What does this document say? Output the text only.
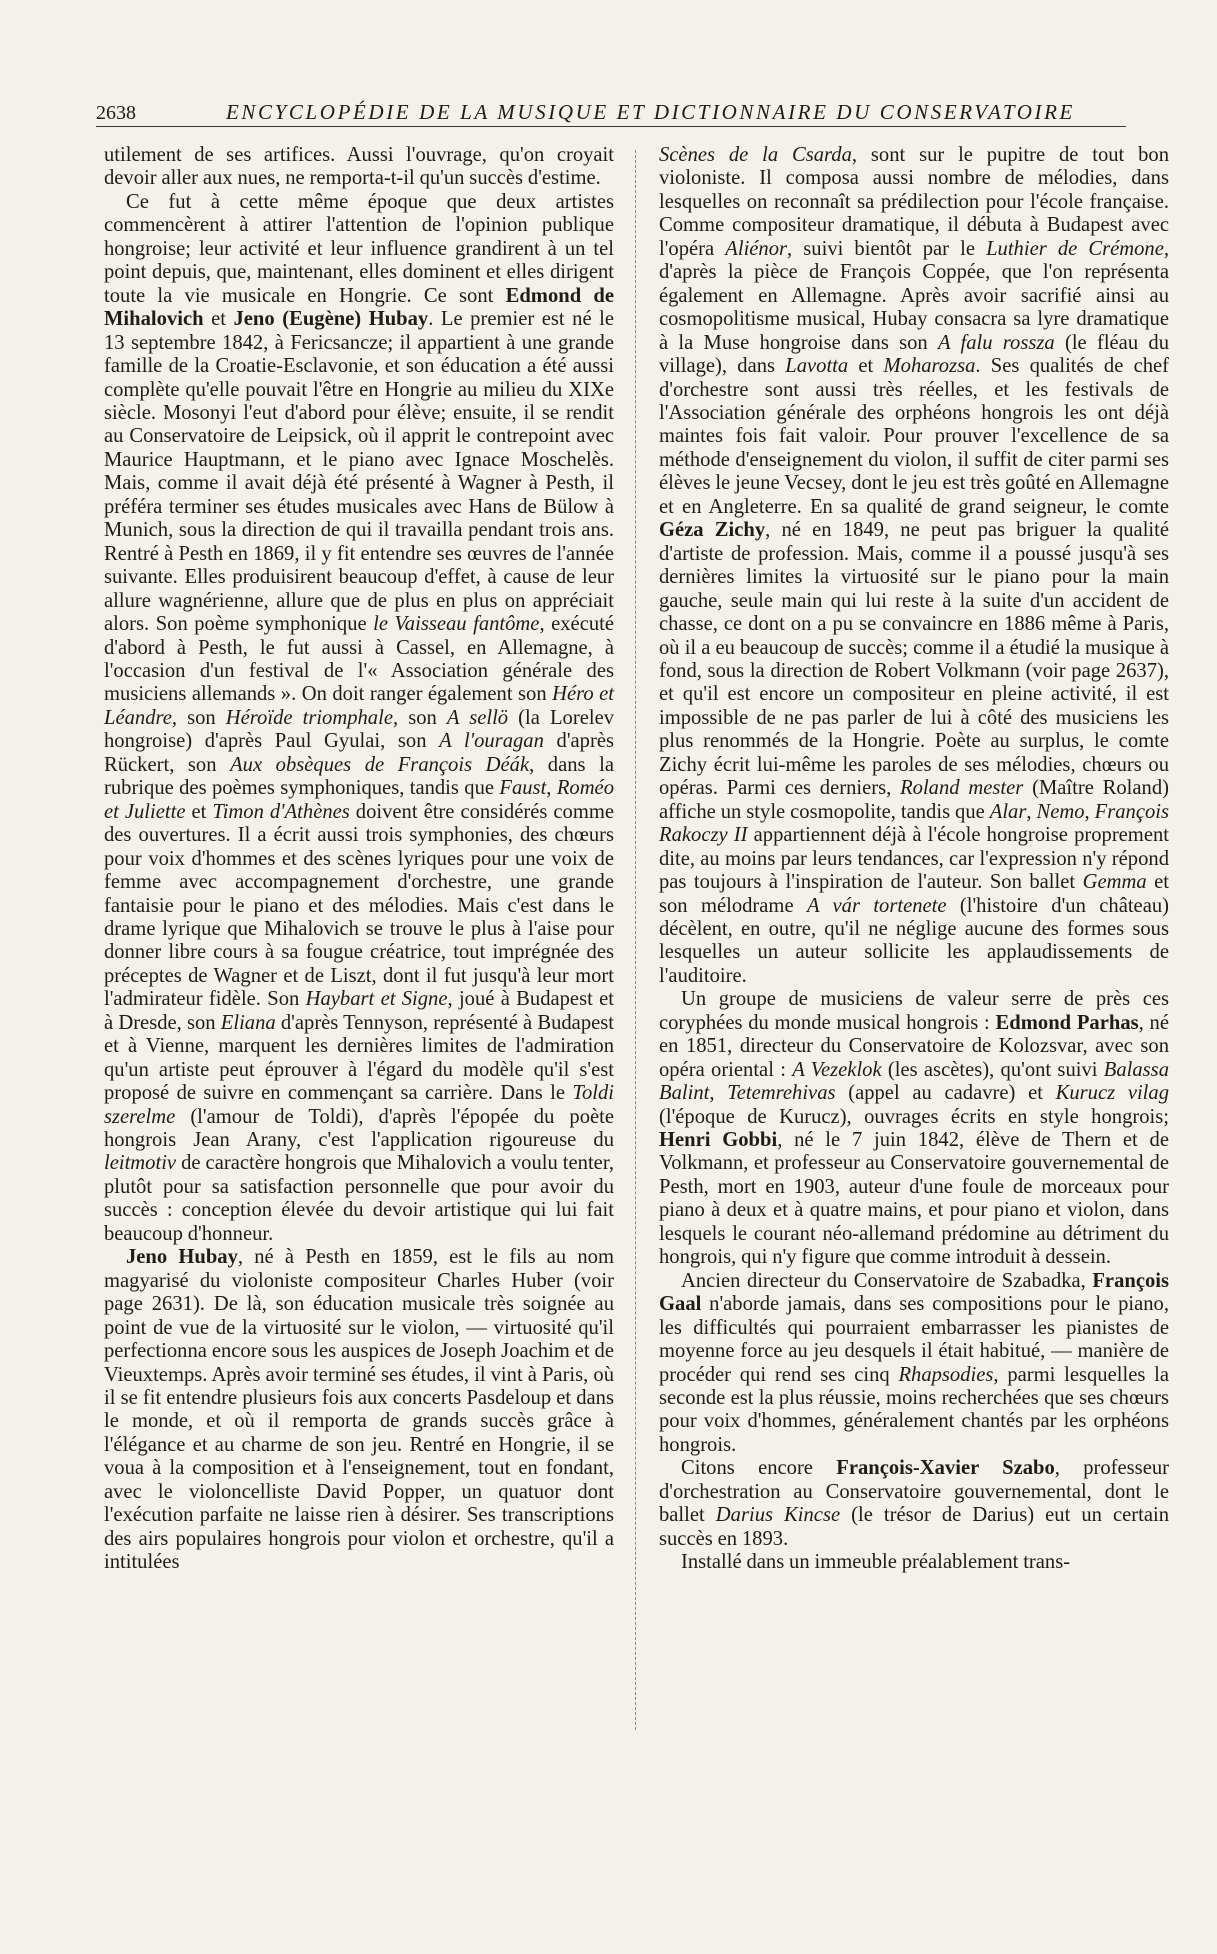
2638	ENCYCLOPÉDIE DE LA MUSIQUE ET DICTIONNAIRE DU CONSERVATOIRE

utilement de ses artifices. Aussi l'ouvrage, qu'on croyait devoir aller aux nues, ne remporta-t-il qu'un succès d'estime.

Ce fut à cette même époque que deux artistes commencèrent à attirer l'attention de l'opinion publique hongroise; leur activité et leur influence grandirent à un tel point depuis, que, maintenant, elles dominent et elles dirigent toute la vie musicale en Hongrie. Ce sont Edmond de Mihalovich et Jeno (Eugène) Hubay. Le premier est né le 13 septembre 1842, à Fericsancze; il appartient à une grande famille de la Croatie-Esclavonie, et son éducation a été aussi complète qu'elle pouvait l'être en Hongrie au milieu du XIXe siècle. Mosonyi l'eut d'abord pour élève; ensuite, il se rendit au Conservatoire de Leipsick, où il apprit le contrepoint avec Maurice Hauptmann, et le piano avec Ignace Moschelès. Mais, comme il avait déjà été présenté à Wagner à Pesth, il préféra terminer ses études musicales avec Hans de Bülow à Munich, sous la direction de qui il travailla pendant trois ans. Rentré à Pesth en 1869, il y fit entendre ses œuvres de l'année suivante. Elles produisirent beaucoup d'effet, à cause de leur allure wagnérienne, allure que de plus en plus on appréciait alors. Son poème symphonique le Vaisseau fantôme, exécuté d'abord à Pesth, le fut aussi à Cassel, en Allemagne, à l'occasion d'un festival de l'« Association générale des musiciens allemands ». On doit ranger également son Héro et Léandre, son Héroïde triomphale, son A sellö (la Lorelev hongroise) d'après Paul Gyulai, son A l'ouragan d'après Rückert, son Aux obsèques de François Déák, dans la rubrique des poèmes symphoniques, tandis que Faust, Roméo et Juliette et Timon d'Athènes doivent être considérés comme des ouvertures. Il a écrit aussi trois symphonies, des chœurs pour voix d'hommes et des scènes lyriques pour une voix de femme avec accompagnement d'orchestre, une grande fantaisie pour le piano et des mélodies. Mais c'est dans le drame lyrique que Mihalovich se trouve le plus à l'aise pour donner libre cours à sa fougue créatrice, tout imprégnée des préceptes de Wagner et de Liszt, dont il fut jusqu'à leur mort l'admirateur fidèle. Son Haybart et Signe, joué à Budapest et à Dresde, son Eliana d'après Tennyson, représenté à Budapest et à Vienne, marquent les dernières limites de l'admiration qu'un artiste peut éprouver à l'égard du modèle qu'il s'est proposé de suivre en commençant sa carrière. Dans le Toldi szerelme (l'amour de Toldi), d'après l'épopée du poète hongrois Jean Arany, c'est l'application rigoureuse du leitmotiv de caractère hongrois que Mihalovich a voulu tenter, plutôt pour sa satisfaction personnelle que pour avoir du succès : conception élevée du devoir artistique qui lui fait beaucoup d'honneur.

Jeno Hubay, né à Pesth en 1859, est le fils au nom magyarisé du violoniste compositeur Charles Huber (voir page 2631). De là, son éducation musicale très soignée au point de vue de la virtuosité sur le violon, — virtuosité qu'il perfectionna encore sous les auspices de Joseph Joachim et de Vieuxtemps. Après avoir terminé ses études, il vint à Paris, où il se fit entendre plusieurs fois aux concerts Pasdeloup et dans le monde, et où il remporta de grands succès grâce à l'élégance et au charme de son jeu. Rentré en Hongrie, il se voua à la composition et à l'enseignement, tout en fondant, avec le violoncelliste David Popper, un quatuor dont l'exécution parfaite ne laisse rien à désirer. Ses transcriptions des airs populaires hongrois pour violon et orchestre, qu'il a intitulées

Scènes de la Csarda, sont sur le pupitre de tout bon violoniste. Il composa aussi nombre de mélodies, dans lesquelles on reconnaît sa prédilection pour l'école française. Comme compositeur dramatique, il débuta à Budapest avec l'opéra Aliénor, suivi bientôt par le Luthier de Crémone, d'après la pièce de François Coppée, que l'on représenta également en Allemagne. Après avoir sacrifié ainsi au cosmopolitisme musical, Hubay consacra sa lyre dramatique à la Muse hongroise dans son A falu rossza (le fléau du village), dans Lavotta et Moharozsa. Ses qualités de chef d'orchestre sont aussi très réelles, et les festivals de l'Association générale des orphéons hongrois les ont déjà maintes fois fait valoir. Pour prouver l'excellence de sa méthode d'enseignement du violon, il suffit de citer parmi ses élèves le jeune Vecsey, dont le jeu est très goûté en Allemagne et en Angleterre. En sa qualité de grand seigneur, le comte Géza Zichy, né en 1849, ne peut pas briguer la qualité d'artiste de profession. Mais, comme il a poussé jusqu'à ses dernières limites la virtuosité sur le piano pour la main gauche, seule main qui lui reste à la suite d'un accident de chasse, ce dont on a pu se convaincre en 1886 même à Paris, où il a eu beaucoup de succès; comme il a étudié la musique à fond, sous la direction de Robert Volkmann (voir page 2637), et qu'il est encore un compositeur en pleine activité, il est impossible de ne pas parler de lui à côté des musiciens les plus renommés de la Hongrie. Poète au surplus, le comte Zichy écrit lui-même les paroles de ses mélodies, chœurs ou opéras. Parmi ces derniers, Roland mester (Maître Roland) affiche un style cosmopolite, tandis que Alar, Nemo, François Rakoczy II appartiennent déjà à l'école hongroise proprement dite, au moins par leurs tendances, car l'expression n'y répond pas toujours à l'inspiration de l'auteur. Son ballet Gemma et son mélodrame A vár tortenete (l'histoire d'un château) décèlent, en outre, qu'il ne néglige aucune des formes sous lesquelles un auteur sollicite les applaudissements de l'auditoire.

Un groupe de musiciens de valeur serre de près ces coryphées du monde musical hongrois : Edmond Parhas, né en 1851, directeur du Conservatoire de Kolozsvar, avec son opéra oriental : A Vezeklok (les ascètes), qu'ont suivi Balassa Balint, Tetemrehivas (appel au cadavre) et Kurucz vilag (l'époque de Kurucz), ouvrages écrits en style hongrois; Henri Gobbi, né le 7 juin 1842, élève de Thern et de Volkmann, et professeur au Conservatoire gouvernemental de Pesth, mort en 1903, auteur d'une foule de morceaux pour piano à deux et à quatre mains, et pour piano et violon, dans lesquels le courant néo-allemand prédomine au détriment du hongrois, qui n'y figure que comme introduit à dessein.

Ancien directeur du Conservatoire de Szabadka, François Gaal n'aborde jamais, dans ses compositions pour le piano, les difficultés qui pourraient embarrasser les pianistes de moyenne force au jeu desquels il était habitué, — manière de procéder qui rend ses cinq Rhapsodies, parmi lesquelles la seconde est la plus réussie, moins recherchées que ses chœurs pour voix d'hommes, généralement chantés par les orphéons hongrois.

Citons encore François-Xavier Szabo, professeur d'orchestration au Conservatoire gouvernemental, dont le ballet Darius Kincse (le trésor de Darius) eut un certain succès en 1893.

Installé dans un immeuble préalablement trans-
